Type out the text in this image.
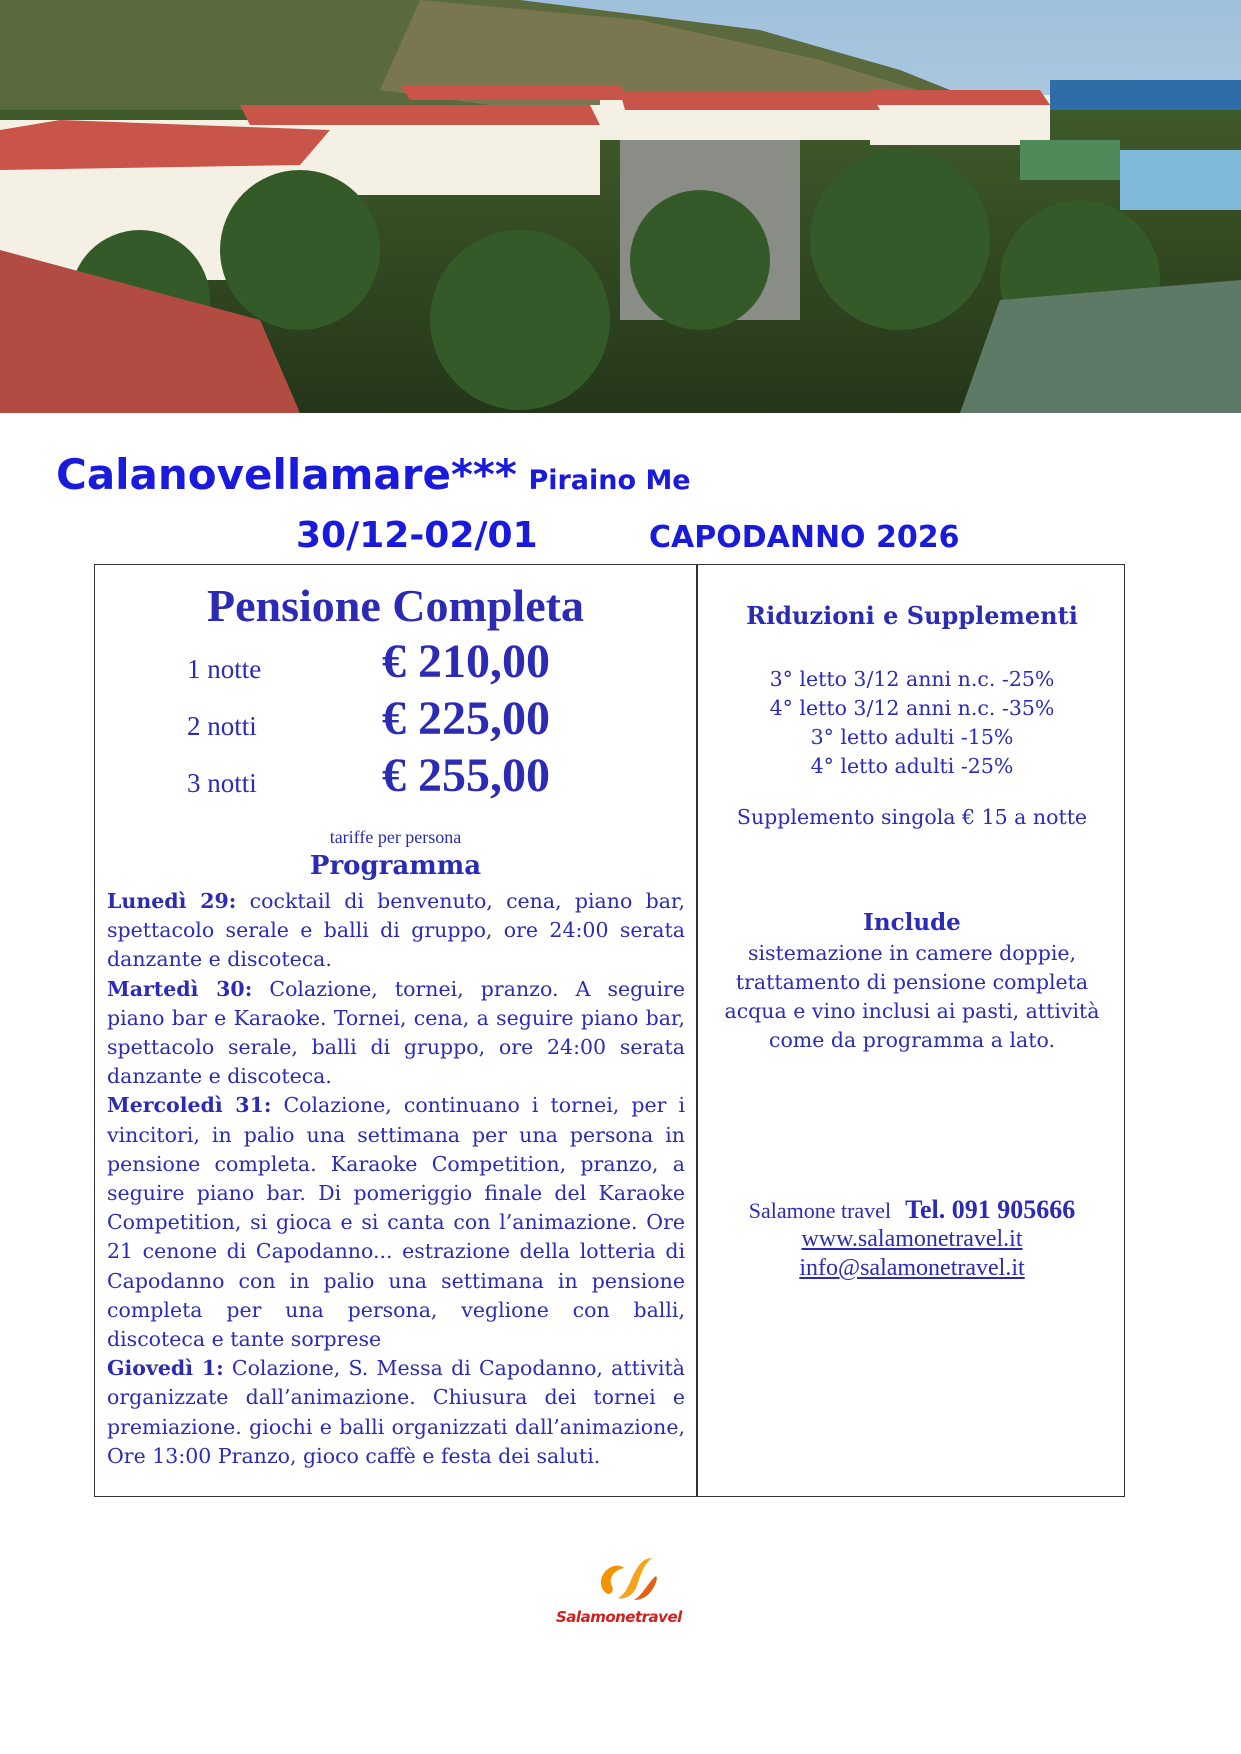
Calanovellamare*** Piraino Me
30/12-02/01	CAPODANNO 2026
Pensione Completa
1 notte	€ 210,00
2 notti	€ 225,00
3 notti	€ 255,00
tariffe per persona
Programma

Lunedì 29: cocktail di benvenuto, cena, piano bar, spettacolo serale e balli di gruppo, ore 24:00 serata danzante e discoteca.

Martedì 30: Colazione, tornei, pranzo. A seguire piano bar e Karaoke. Tornei, cena, a seguire piano bar, spettacolo serale, balli di gruppo, ore 24:00 serata danzante e discoteca.

Mercoledì 31: Colazione, continuano i tornei, per i vincitori, in palio una settimana per una persona in pensione completa. Karaoke Competition, pranzo, a seguire piano bar. Di pomeriggio finale del Karaoke Competition, si gioca e si canta con l’animazione. Ore 21 cenone di Capodanno... estrazione della lotteria di Capodanno con in palio una settimana in pensione completa per una persona, veglione con balli, discoteca e tante sorprese

Giovedì 1: Colazione, S. Messa di Capodanno, attività organizzate dall’animazione. Chiusura dei tornei e premiazione. giochi e balli organizzati dall’animazione, Ore 13:00 Pranzo, gioco caffè e festa dei saluti.

Riduzioni e Supplementi
3° letto 3/12 anni n.c. -25%
4° letto 3/12 anni n.c. -35%
3° letto adulti -15%
4° letto adulti -25%
Supplemento singola € 15 a notte
Include
sistemazione in camere doppie,
trattamento di pensione completa
acqua e vino inclusi ai pasti, attività
come da programma a lato.
Salamone travel Tel. 091 905666
www.salamonetravel.it
info@salamonetravel.it
Salamonetravel
